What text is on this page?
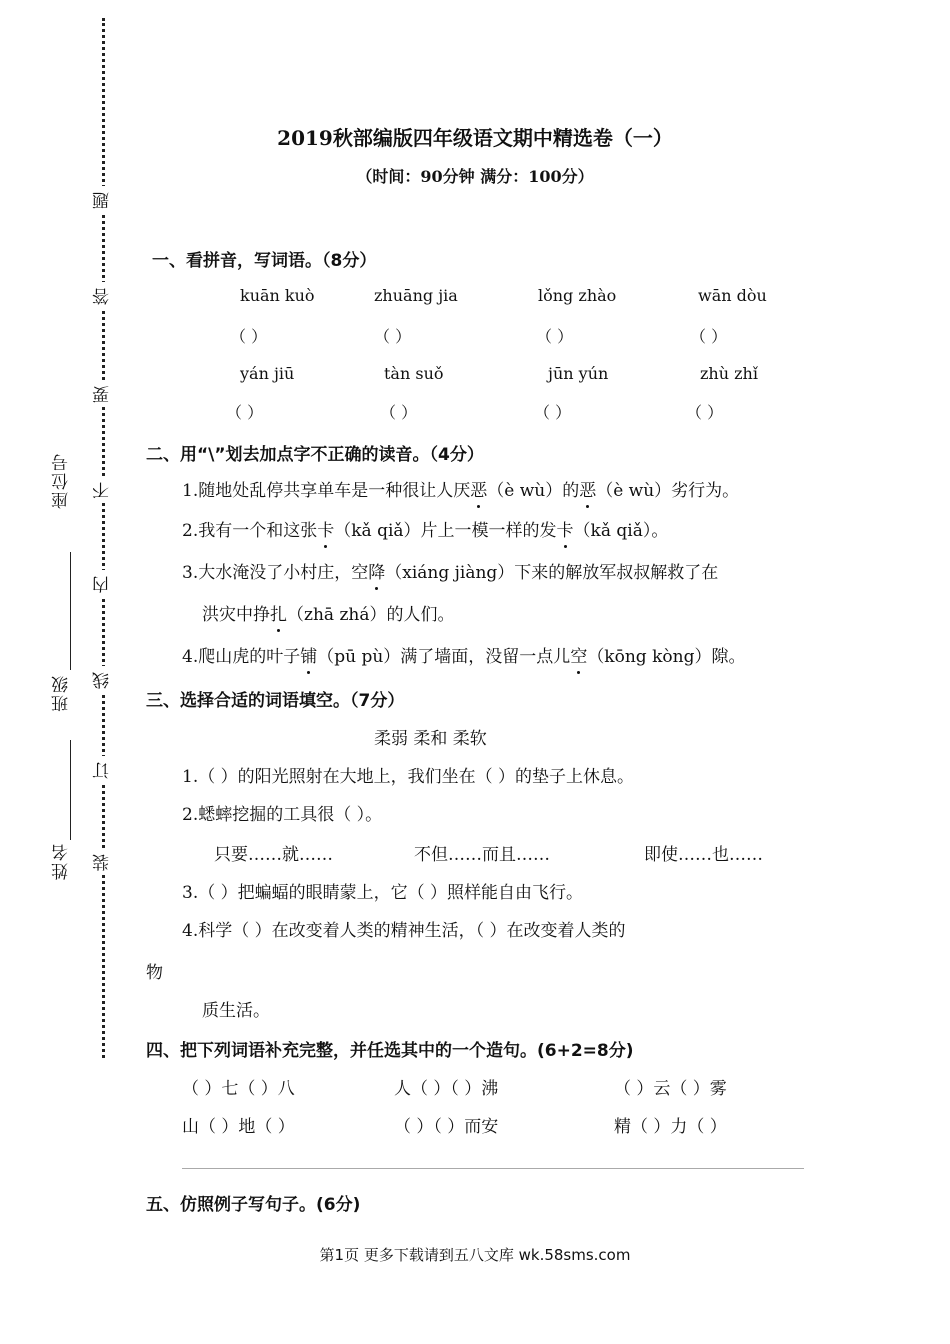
装
订
线
内
不
要
答
题
姓名
班级
座位号
2019秋部编版四年级语文期中精选卷（一）
（时间：90分钟 满分：100分）
一、看拼音，写词语。（8分）
kuān kuò	zhuāng jia	lǒng zhào	wān dòu
（ ）	（ ）	（ ）	（ ）
yán jiū	tàn suǒ	jūn yún	zhù zhǐ
（ ）	（ ）	（ ）	（ ）
二、用“\”划去加点字不正确的读音。（4分）
1.随地处乱停共享单车是一种很让人厌恶（è wù）的恶（è wù）劣行为。
2.我有一个和这张卡（kǎ qiǎ）片上一模一样的发卡（kǎ qiǎ）。
3.大水淹没了小村庄，空降（xiáng jiàng）下来的解放军叔叔解救了在
洪灾中挣扎（zhā zhá）的人们。
4.爬山虎的叶子铺（pū pù）满了墙面，没留一点儿空（kōng kòng）隙。
三、选择合适的词语填空。（7分）
柔弱 柔和 柔软
1.（ ）的阳光照射在大地上，我们坐在（ ）的垫子上休息。
2.蟋蟀挖掘的工具很（ ）。
只要……就……	不但……而且……	即使……也……
3.（ ）把蝙蝠的眼睛蒙上，它（ ）照样能自由飞行。
4.科学（ ）在改变着人类的精神生活，（ ）在改变着人类的
物
质生活。
四、把下列词语补充完整，并任选其中的一个造句。(6+2=8分)
（ ）七（ ）八	人（ ）（ ）沸	（ ）云（ ）雾
山（ ）地（ ）	（ ）（ ）而安	精（ ）力（ ）
五、仿照例子写句子。(6分)
第1页 更多下载请到五八文库 wk.58sms.com
